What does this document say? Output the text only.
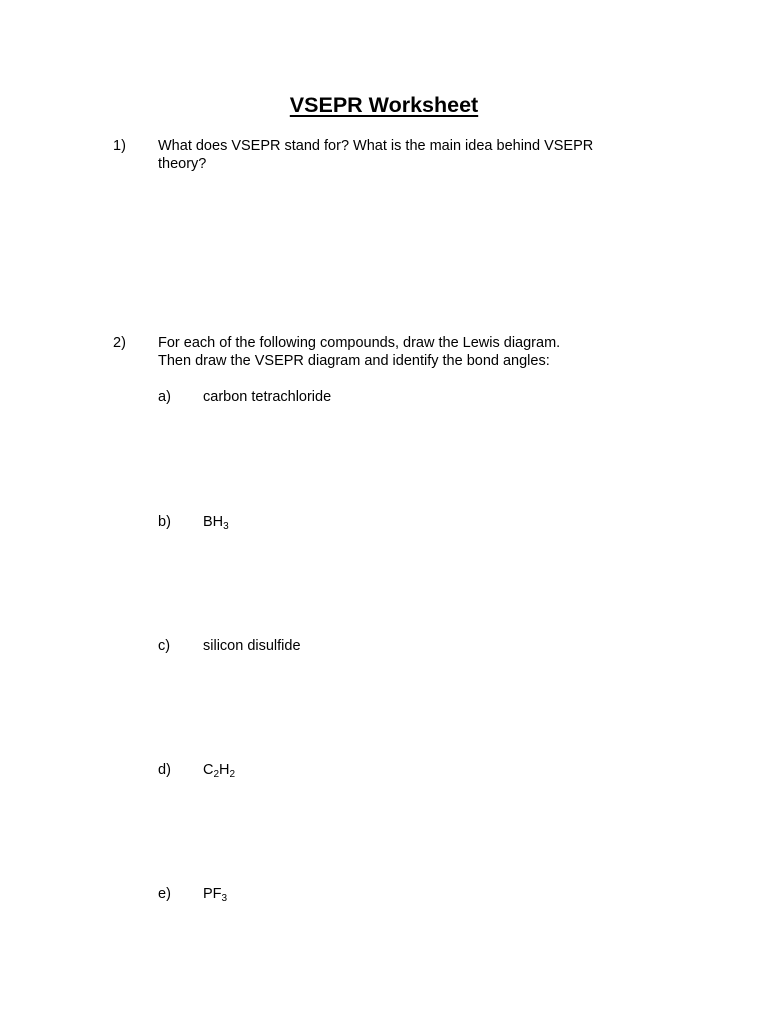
VSEPR Worksheet
1) What does VSEPR stand for? What is the main idea behind VSEPR
theory?
2) For each of the following compounds, draw the Lewis diagram.
Then draw the VSEPR diagram and identify the bond angles:
a) carbon tetrachloride
b) $BH_3$
c) silicon disulfide
d) $C_2H_2$
e) $PF_3$
